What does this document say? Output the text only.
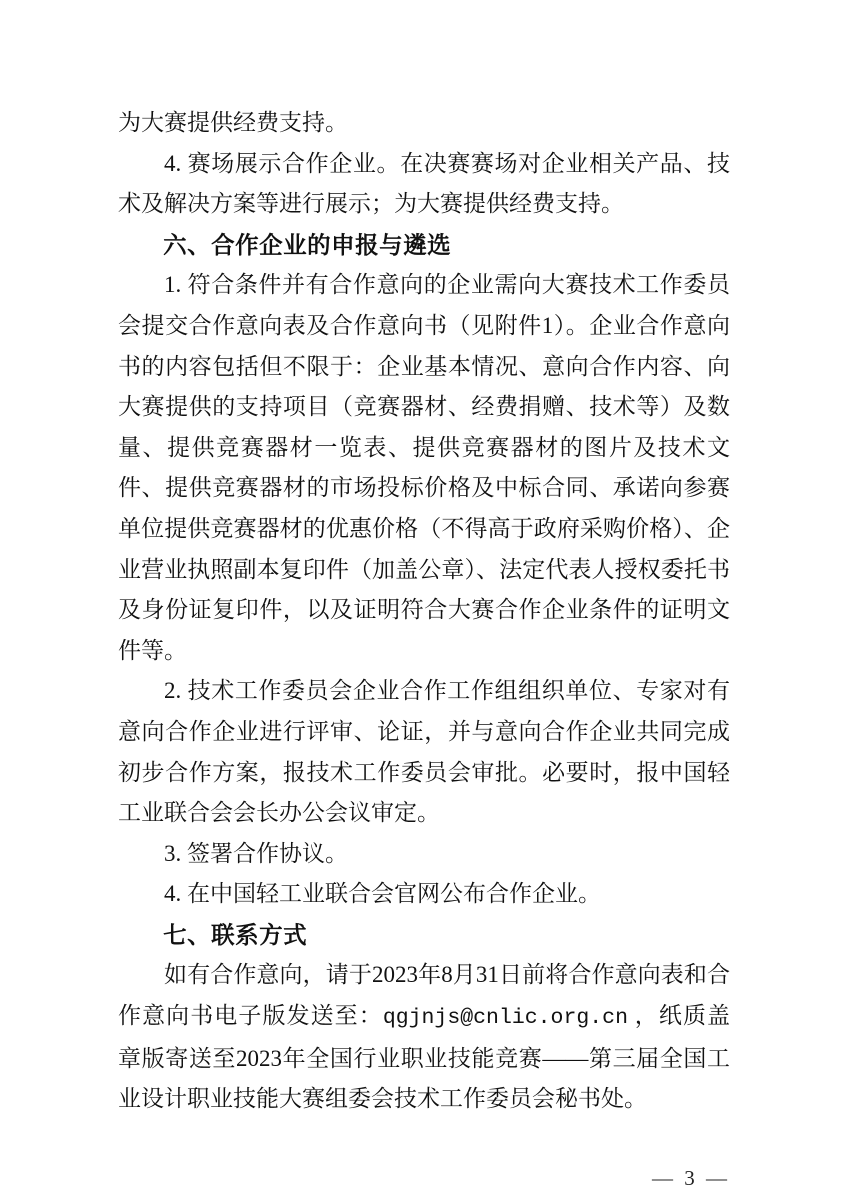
为大赛提供经费支持。

4. 赛场展示合作企业。在决赛赛场对企业相关产品、技术及解决方案等进行展示；为大赛提供经费支持。

六、合作企业的申报与遴选

1. 符合条件并有合作意向的企业需向大赛技术工作委员会提交合作意向表及合作意向书（见附件1）。企业合作意向书的内容包括但不限于：企业基本情况、意向合作内容、向大赛提供的支持项目（竞赛器材、经费捐赠、技术等）及数量、提供竞赛器材一览表、提供竞赛器材的图片及技术文件、提供竞赛器材的市场投标价格及中标合同、承诺向参赛单位提供竞赛器材的优惠价格（不得高于政府采购价格）、企业营业执照副本复印件（加盖公章）、法定代表人授权委托书及身份证复印件，以及证明符合大赛合作企业条件的证明文件等。

2. 技术工作委员会企业合作工作组组织单位、专家对有意向合作企业进行评审、论证，并与意向合作企业共同完成初步合作方案，报技术工作委员会审批。必要时，报中国轻工业联合会会长办公会议审定。

3. 签署合作协议。

4. 在中国轻工业联合会官网公布合作企业。

七、联系方式

如有合作意向，请于2023年8月31日前将合作意向表和合作意向书电子版发送至：qgjnjs@cnlic.org.cn ，纸质盖章版寄送至2023年全国行业职业技能竞赛——第三届全国工业设计职业技能大赛组委会技术工作委员会秘书处。

— 3 —
